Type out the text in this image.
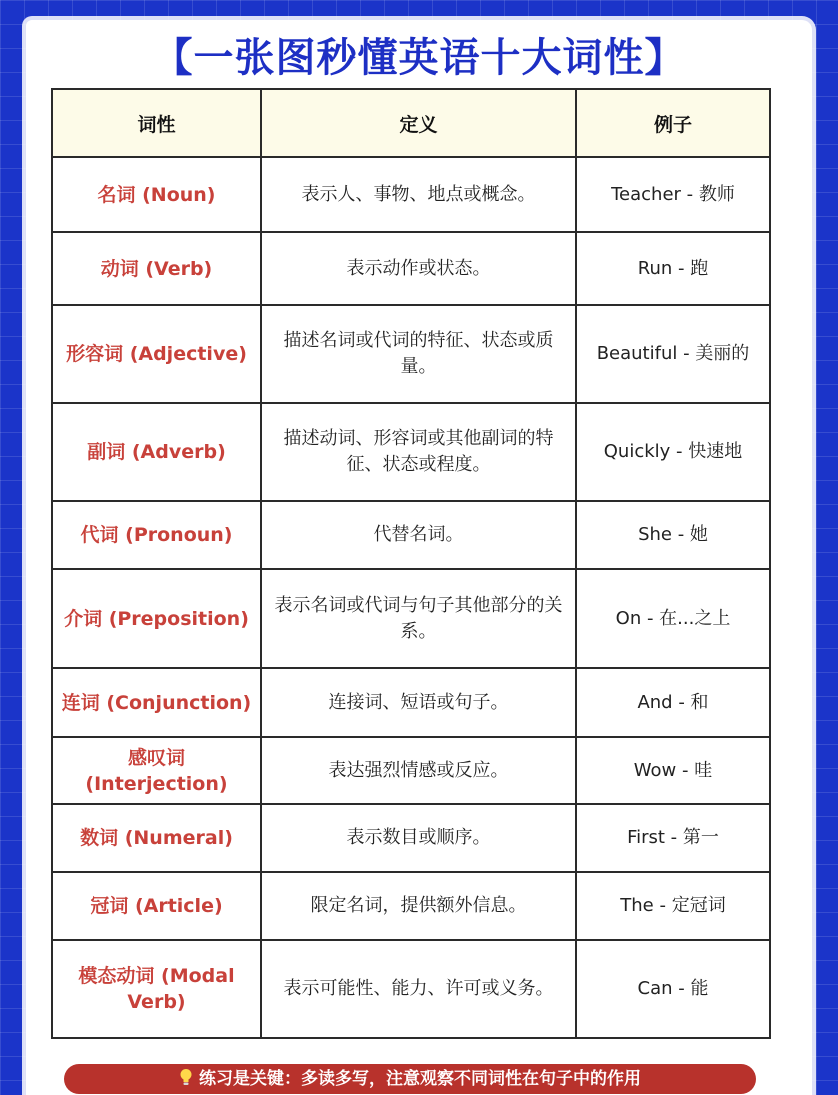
【一张图秒懂英语十大词性】
词性	定义	例子
名词 (Noun)	表示人、事物、地点或概念。	Teacher - 教师
动词 (Verb)	表示动作或状态。	Run - 跑
形容词 (Adjective)	描述名词或代词的特征、状态或质量。	Beautiful - 美丽的
副词 (Adverb)	描述动词、形容词或其他副词的特征、状态或程度。	Quickly - 快速地
代词 (Pronoun)	代替名词。	She - 她
介词 (Preposition)	表示名词或代词与句子其他部分的关系。	On - 在...之上
连词 (Conjunction)	连接词、短语或句子。	And - 和
感叹词 (Interjection)	表达强烈情感或反应。	Wow - 哇
数词 (Numeral)	表示数目或顺序。	First - 第一
冠词 (Article)	限定名词，提供额外信息。	The - 定冠词
模态动词 (Modal Verb)	表示可能性、能力、许可或义务。	Can - 能
练习是关键：多读多写，注意观察不同词性在句子中的作用
